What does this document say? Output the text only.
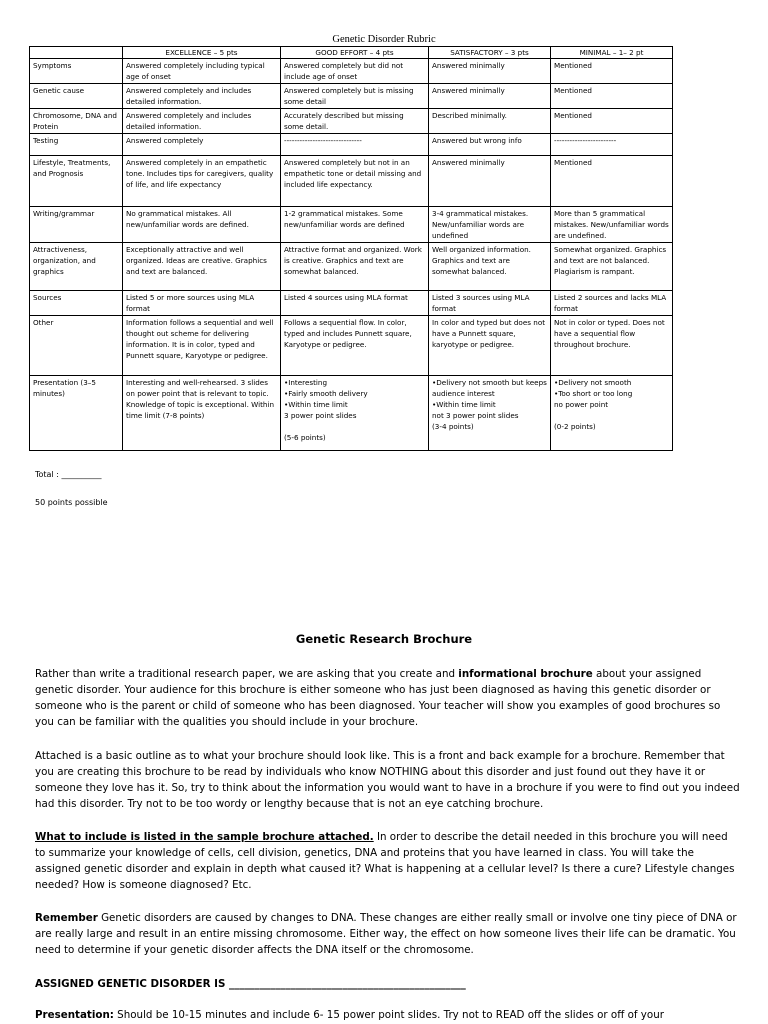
Genetic Disorder Rubric
	EXCELLENCE – 5 pts	GOOD EFFORT – 4 pts	SATISFACTORY – 3 pts	MINIMAL – 1– 2 pt
Symptoms	Answered completely including typical age of onset	Answered completely but did not include age of onset	Answered minimally	Mentioned
Genetic cause	Answered completely and includes detailed information.	Answered completely but is missing some detail	Answered minimally	Mentioned
Chromosome, DNA and Protein	Answered completely and includes detailed information.	Accurately described but missing some detail.	Described minimally.	Mentioned
Testing	Answered completely	------------------------------	Answered but wrong info	------------------------
Lifestyle, Treatments, and Prognosis	Answered completely in an empathetic tone. Includes tips for caregivers, quality of life, and life expectancy	Answered completely but not in an empathetic tone or detail missing and included life expectancy.	Answered minimally	Mentioned
Writing/grammar	No grammatical mistakes. All new/unfamiliar words are defined.	1-2 grammatical mistakes. Some new/unfamiliar words are defined	3-4 grammatical mistakes. New/unfamiliar words are undefined	More than 5 grammatical mistakes. New/unfamiliar words are undefined.
Attractiveness, organization, and graphics	Exceptionally attractive and well organized. Ideas are creative. Graphics and text are balanced.	Attractive format and organized. Work is creative. Graphics and text are somewhat balanced.	Well organized information. Graphics and text are somewhat balanced.	Somewhat organized. Graphics and text are not balanced. Plagiarism is rampant.
Sources	Listed 5 or more sources using MLA format	Listed 4 sources using MLA format	Listed 3 sources using MLA format	Listed 2 sources and lacks MLA format
Other	Information follows a sequential and well thought out scheme for delivering information. It is in color, typed and Punnett square, Karyotype or pedigree.	Follows a sequential flow. In color, typed and includes Punnett square, Karyotype or pedigree.	In color and typed but does not have a Punnett square, karyotype or pedigree.	Not in color or typed. Does not have a sequential flow throughout brochure.
Presentation (3–5 minutes)	Interesting and well-rehearsed. 3 slides on power point that is relevant to topic. Knowledge of topic is exceptional. Within time limit (7-8 points)	•Interesting
•Fairly smooth delivery
•Within time limit
3 power point slides

(5-6 points)	•Delivery not smooth but keeps audience interest
•Within time limit
not 3 power point slides
(3-4 points)	•Delivery not smooth
•Too short or too long
no power point

(0-2 points)
Total : __________
50 points possible
Genetic Research Brochure

Rather than write a traditional research paper, we are asking that you create and informational brochure about your assigned genetic disorder. Your audience for this brochure is either someone who has just been diagnosed as having this genetic disorder or someone who is the parent or child of someone who has been diagnosed. Your teacher will show you examples of good brochures so you can be familiar with the qualities you should include in your brochure.

Attached is a basic outline as to what your brochure should look like. This is a front and back example for a brochure. Remember that you are creating this brochure to be read by individuals who know NOTHING about this disorder and just found out they have it or someone they love has it. So, try to think about the information you would want to have in a brochure if you were to find out you indeed had this disorder. Try not to be too wordy or lengthy because that is not an eye catching brochure.

What to include is listed in the sample brochure attached. In order to describe the detail needed in this brochure you will need to summarize your knowledge of cells, cell division, genetics, DNA and proteins that you have learned in class. You will take the assigned genetic disorder and explain in depth what caused it? What is happening at a cellular level? Is there a cure? Lifestyle changes needed? How is someone diagnosed? Etc.

Remember Genetic disorders are caused by changes to DNA. These changes are either really small or involve one tiny piece of DNA or are really large and result in an entire missing chromosome. Either way, the effect on how someone lives their life can be dramatic. You need to determine if your genetic disorder affects the DNA itself or the chromosome.

ASSIGNED GENETIC DISORDER IS ______________________________________________

Presentation: Should be 10-15 minutes and include 6- 15 power point slides. Try not to READ off the slides or off of your
